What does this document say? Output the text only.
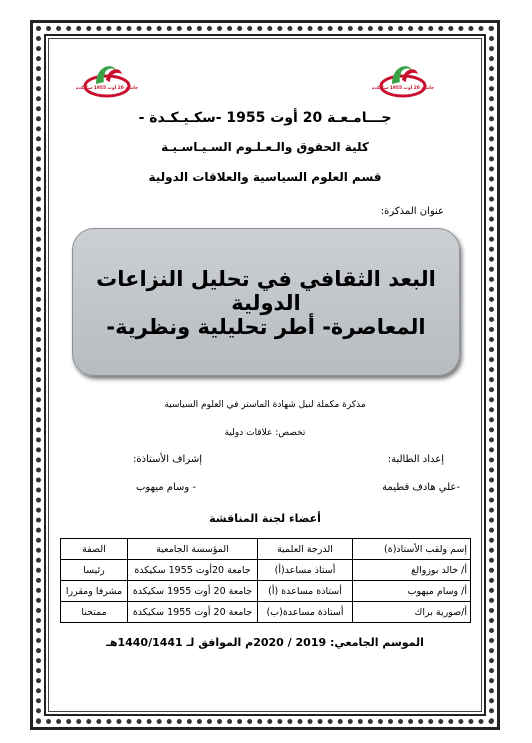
جامعة 20 أوت 1955 سكيكدة	جامعة 20 أوت 1955 سكيكدة
جـــامـعـة 20 أوت 1955 -سكـيـكـدة -
كلية الحقوق والـعـلـوم السـيـاسـيـة
قسم العلوم السياسية والعلاقات الدولية
عنوان المذكرة:
البعد الثقافي في تحليل النزاعات الدولية
المعاصرة- أطر تحليلية ونظرية-
مذكرة مكملة لنيل شهادة الماستر في العلوم السياسية
تخصص: علاقات دولية
إعداد الطالبة:
إشراف الأستاذة:
-علي هادف فطيمة
- وسام ميهوب
أعضاء لجنة المناقشة
إسم ولقب الأستاذ(ة)	الدرجة العلمية	المؤسسة الجامعية	الصفة
أ/ خالد بوزوالغ	أستاذ مساعد(أ)	جامعة 20أوت 1955 سكيكدة	رئيسا
أ/ وسام ميهوب	أستاذة مساعدة (أ)	جامعة 20 أوت 1955 سكيكدة	مشرفا ومقررا
أ/صورية براك	أستاذة مساعدة(ب)	جامعة 20 أوت 1955 سكيكدة	ممتحنا
الموسم الجامعي: 2019 / 2020م الموافق لـ 1440/1441هـ
